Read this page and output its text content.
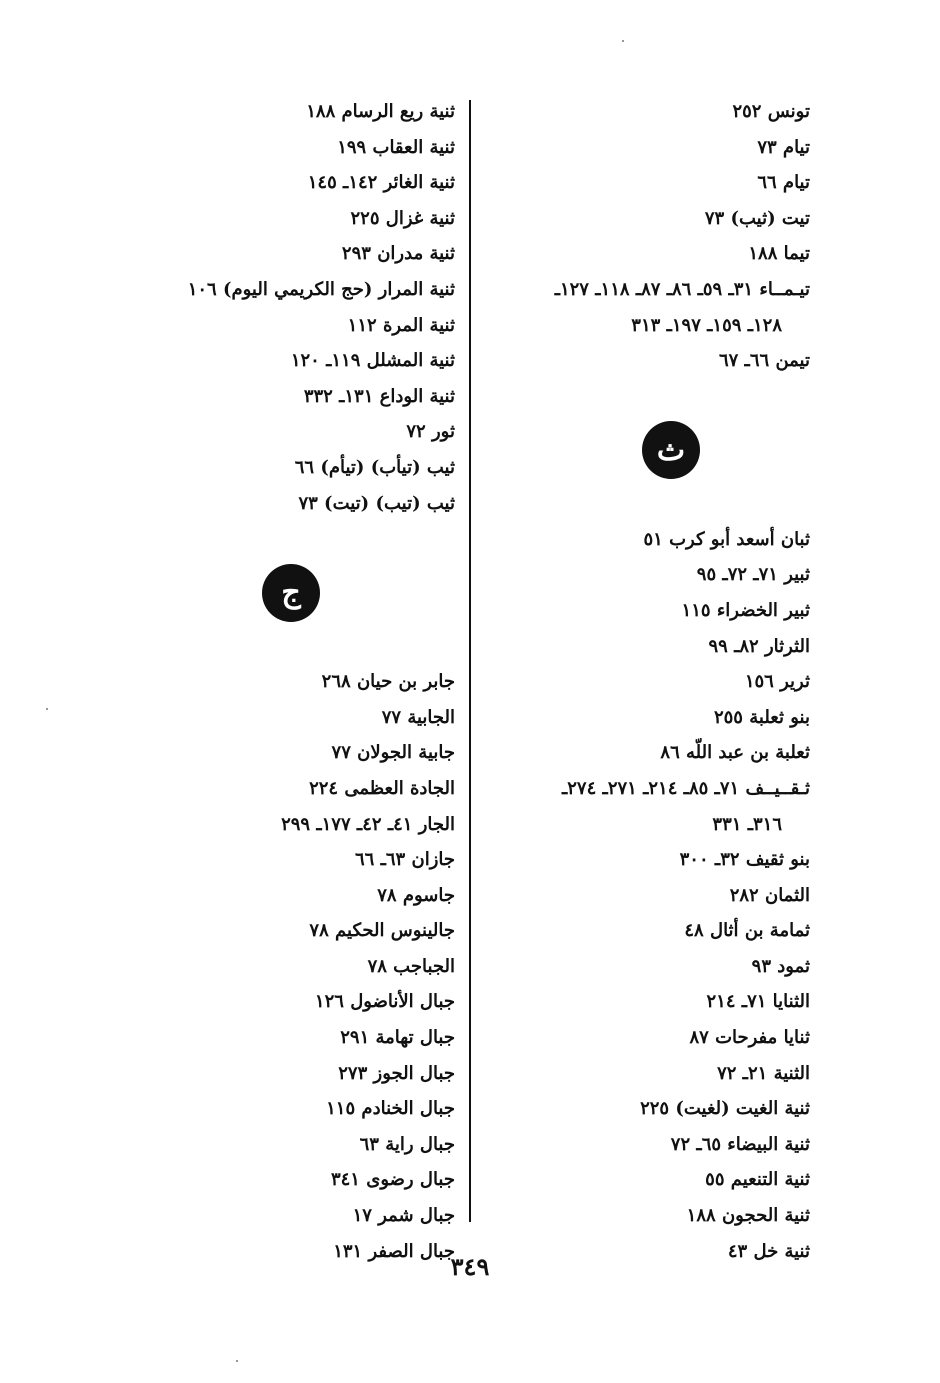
تونس ٢٥٢
تيام ٧٣
تيام ٦٦
تيت (ثيب) ٧٣
تيما ١٨٨
تيـمــاء ٣١ـ ٥٩ـ ٨٦ـ ٨٧ـ ١١٨ـ ١٢٧ـ
١٢٨ـ ١٥٩ـ ١٩٧ـ ٣١٣
تيمن ٦٦ـ ٦٧
ث
ثبان أسعد أبو كرب ٥١
ثبير ٧١ـ ٧٢ـ ٩٥
ثبير الخضراء ١١٥
الثرثار ٨٢ـ ٩٩
ثرير ١٥٦
بنو ثعلبة ٢٥٥
ثعلبة بن عبد اللّه ٨٦
ثـقــيــف ٧١ـ ٨٥ـ ٢١٤ـ ٢٧١ـ ٢٧٤ـ
٣١٦ـ ٣٣١
بنو ثقيف ٣٢ـ ٣٠٠
الثمان ٢٨٢
ثمامة بن أثال ٤٨
ثمود ٩٣
الثنايا ٧١ـ ٢١٤
ثنايا مفرحات ٨٧
الثنية ٢١ـ ٧٢
ثنية الغيت (لغيت) ٢٢٥
ثنية البيضاء ٦٥ـ ٧٢
ثنية التنعيم ٥٥
ثنية الحجون ١٨٨
ثنية خل ٤٣
ثنية ريع الرسام ١٨٨
ثنية العقاب ١٩٩
ثنية الغائر ١٤٢ـ ١٤٥
ثنية غزال ٢٢٥
ثنية مدران ٢٩٣
ثنية المرار (حج الكريمي اليوم) ١٠٦
ثنية المرة ١١٢
ثنية المشلل ١١٩ـ ١٢٠
ثنية الوداع ١٣١ـ ٣٣٢
ثور ٧٢
ثيب (تيأب) (تيأم) ٦٦
ثيب (تيب) (تيت) ٧٣
ج
جابر بن حيان ٢٦٨
الجابية ٧٧
جابية الجولان ٧٧
الجادة العظمى ٢٢٤
الجار ٤١ـ ٤٢ـ ١٧٧ـ ٢٩٩
جازان ٦٣ـ ٦٦
جاسوم ٧٨
جالينوس الحكيم ٧٨
الجباجب ٧٨
جبال الأناضول ١٢٦
جبال تهامة ٢٩١
جبال الجوز ٢٧٣
جبال الخنادم ١١٥
جبال راية ٦٣
جبال رضوى ٣٤١
جبال شمر ١٧
جبال الصفر ١٣١
٣٤٩
